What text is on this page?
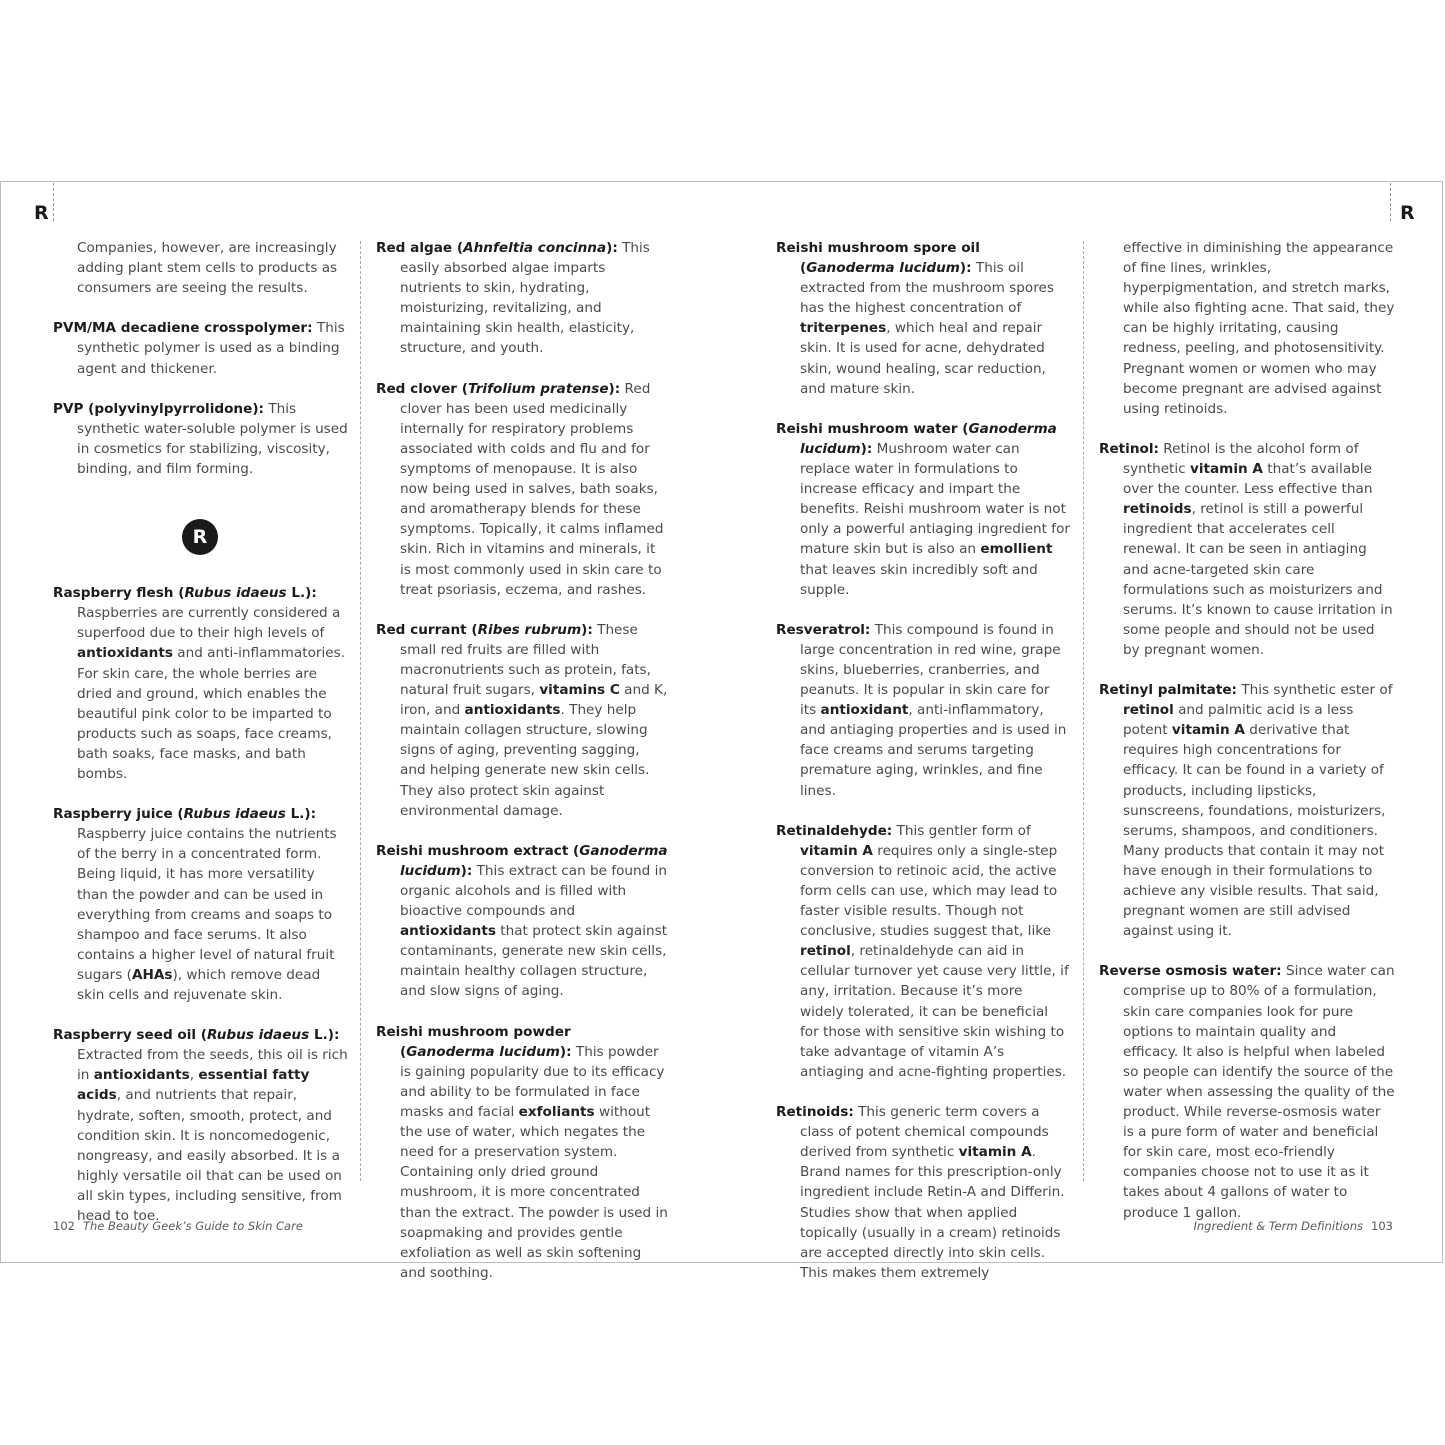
R	R

Companies, however, are increasingly adding plant stem cells to products as consumers are seeing the results.

PVM/MA decadiene crosspolymer: This synthetic polymer is used as a binding agent and thickener.

PVP (polyvinylpyrrolidone): This synthetic water-soluble polymer is used in cosmetics for stabilizing, viscosity, binding, and film forming.

R

Raspberry flesh (Rubus idaeus L.): Raspberries are currently considered a superfood due to their high levels of antioxidants and anti-inflammatories. For skin care, the whole berries are dried and ground, which enables the beautiful pink color to be imparted to products such as soaps, face creams, bath soaks, face masks, and bath bombs.

Raspberry juice (Rubus idaeus L.): Raspberry juice contains the nutrients of the berry in a concentrated form. Being liquid, it has more versatility than the powder and can be used in everything from creams and soaps to shampoo and face serums. It also contains a higher level of natural fruit sugars (AHAs), which remove dead skin cells and rejuvenate skin.

Raspberry seed oil (Rubus idaeus L.): Extracted from the seeds, this oil is rich in antioxidants, essential fatty acids, and nutrients that repair, hydrate, soften, smooth, protect, and condition skin. It is noncomedogenic, nongreasy, and easily absorbed. It is a highly versatile oil that can be used on all skin types, including sensitive, from head to toe.

Red algae (Ahnfeltia concinna): This easily absorbed algae imparts nutrients to skin, hydrating, moisturizing, revitalizing, and maintaining skin health, elasticity, structure, and youth.

Red clover (Trifolium pratense): Red clover has been used medicinally internally for respiratory problems associated with colds and flu and for symptoms of menopause. It is also now being used in salves, bath soaks, and aromatherapy blends for these symptoms. Topically, it calms inflamed skin. Rich in vitamins and minerals, it is most commonly used in skin care to treat psoriasis, eczema, and rashes.

Red currant (Ribes rubrum): These small red fruits are filled with macronutrients such as protein, fats, natural fruit sugars, vitamins C and K, iron, and antioxidants. They help maintain collagen structure, slowing signs of aging, preventing sagging, and helping generate new skin cells. They also protect skin against environmental damage.

Reishi mushroom extract (Ganoderma lucidum): This extract can be found in organic alcohols and is filled with bioactive compounds and antioxidants that protect skin against contaminants, generate new skin cells, maintain healthy collagen structure, and slow signs of aging.

Reishi mushroom powder (Ganoderma lucidum): This powder is gaining popularity due to its efficacy and ability to be formulated in face masks and facial exfoliants without the use of water, which negates the need for a preservation system. Containing only dried ground mushroom, it is more concentrated than the extract. The powder is used in soapmaking and provides gentle exfoliation as well as skin softening and soothing.

Reishi mushroom spore oil (Ganoderma lucidum): This oil extracted from the mushroom spores has the highest concentration of triterpenes, which heal and repair skin. It is used for acne, dehydrated skin, wound healing, scar reduction, and mature skin.

Reishi mushroom water (Ganoderma lucidum): Mushroom water can replace water in formulations to increase efficacy and impart the benefits. Reishi mushroom water is not only a powerful antiaging ingredient for mature skin but is also an emollient that leaves skin incredibly soft and supple.

Resveratrol: This compound is found in large concentration in red wine, grape skins, blueberries, cranberries, and peanuts. It is popular in skin care for its antioxidant, anti-inflammatory, and antiaging properties and is used in face creams and serums targeting premature aging, wrinkles, and fine lines.

Retinaldehyde: This gentler form of vitamin A requires only a single-step conversion to retinoic acid, the active form cells can use, which may lead to faster visible results. Though not conclusive, studies suggest that, like retinol, retinaldehyde can aid in cellular turnover yet cause very little, if any, irritation. Because it’s more widely tolerated, it can be beneficial for those with sensitive skin wishing to take advantage of vitamin A’s antiaging and acne-fighting properties.

Retinoids: This generic term covers a class of potent chemical compounds derived from synthetic vitamin A. Brand names for this prescription-only ingredient include Retin-A and Differin. Studies show that when applied topically (usually in a cream) retinoids are accepted directly into skin cells. This makes them extremely

effective in diminishing the appearance of fine lines, wrinkles, hyperpigmentation, and stretch marks, while also fighting acne. That said, they can be highly irritating, causing redness, peeling, and photosensitivity. Pregnant women or women who may become pregnant are advised against using retinoids.

Retinol: Retinol is the alcohol form of synthetic vitamin A that’s available over the counter. Less effective than retinoids, retinol is still a powerful ingredient that accelerates cell renewal. It can be seen in antiaging and acne-targeted skin care formulations such as moisturizers and serums. It’s known to cause irritation in some people and should not be used by pregnant women.

Retinyl palmitate: This synthetic ester of retinol and palmitic acid is a less potent vitamin A derivative that requires high concentrations for efficacy. It can be found in a variety of products, including lipsticks, sunscreens, foundations, moisturizers, serums, shampoos, and conditioners. Many products that contain it may not have enough in their formulations to achieve any visible results. That said, pregnant women are still advised against using it.

Reverse osmosis water: Since water can comprise up to 80% of a formulation, skin care companies look for pure options to maintain quality and efficacy. It also is helpful when labeled so people can identify the source of the water when assessing the quality of the product. While reverse-osmosis water is a pure form of water and beneficial for skin care, most eco-friendly companies choose not to use it as it takes about 4 gallons of water to produce 1 gallon.

102 The Beauty Geek’s Guide to Skin Care	Ingredient & Term Definitions 103
